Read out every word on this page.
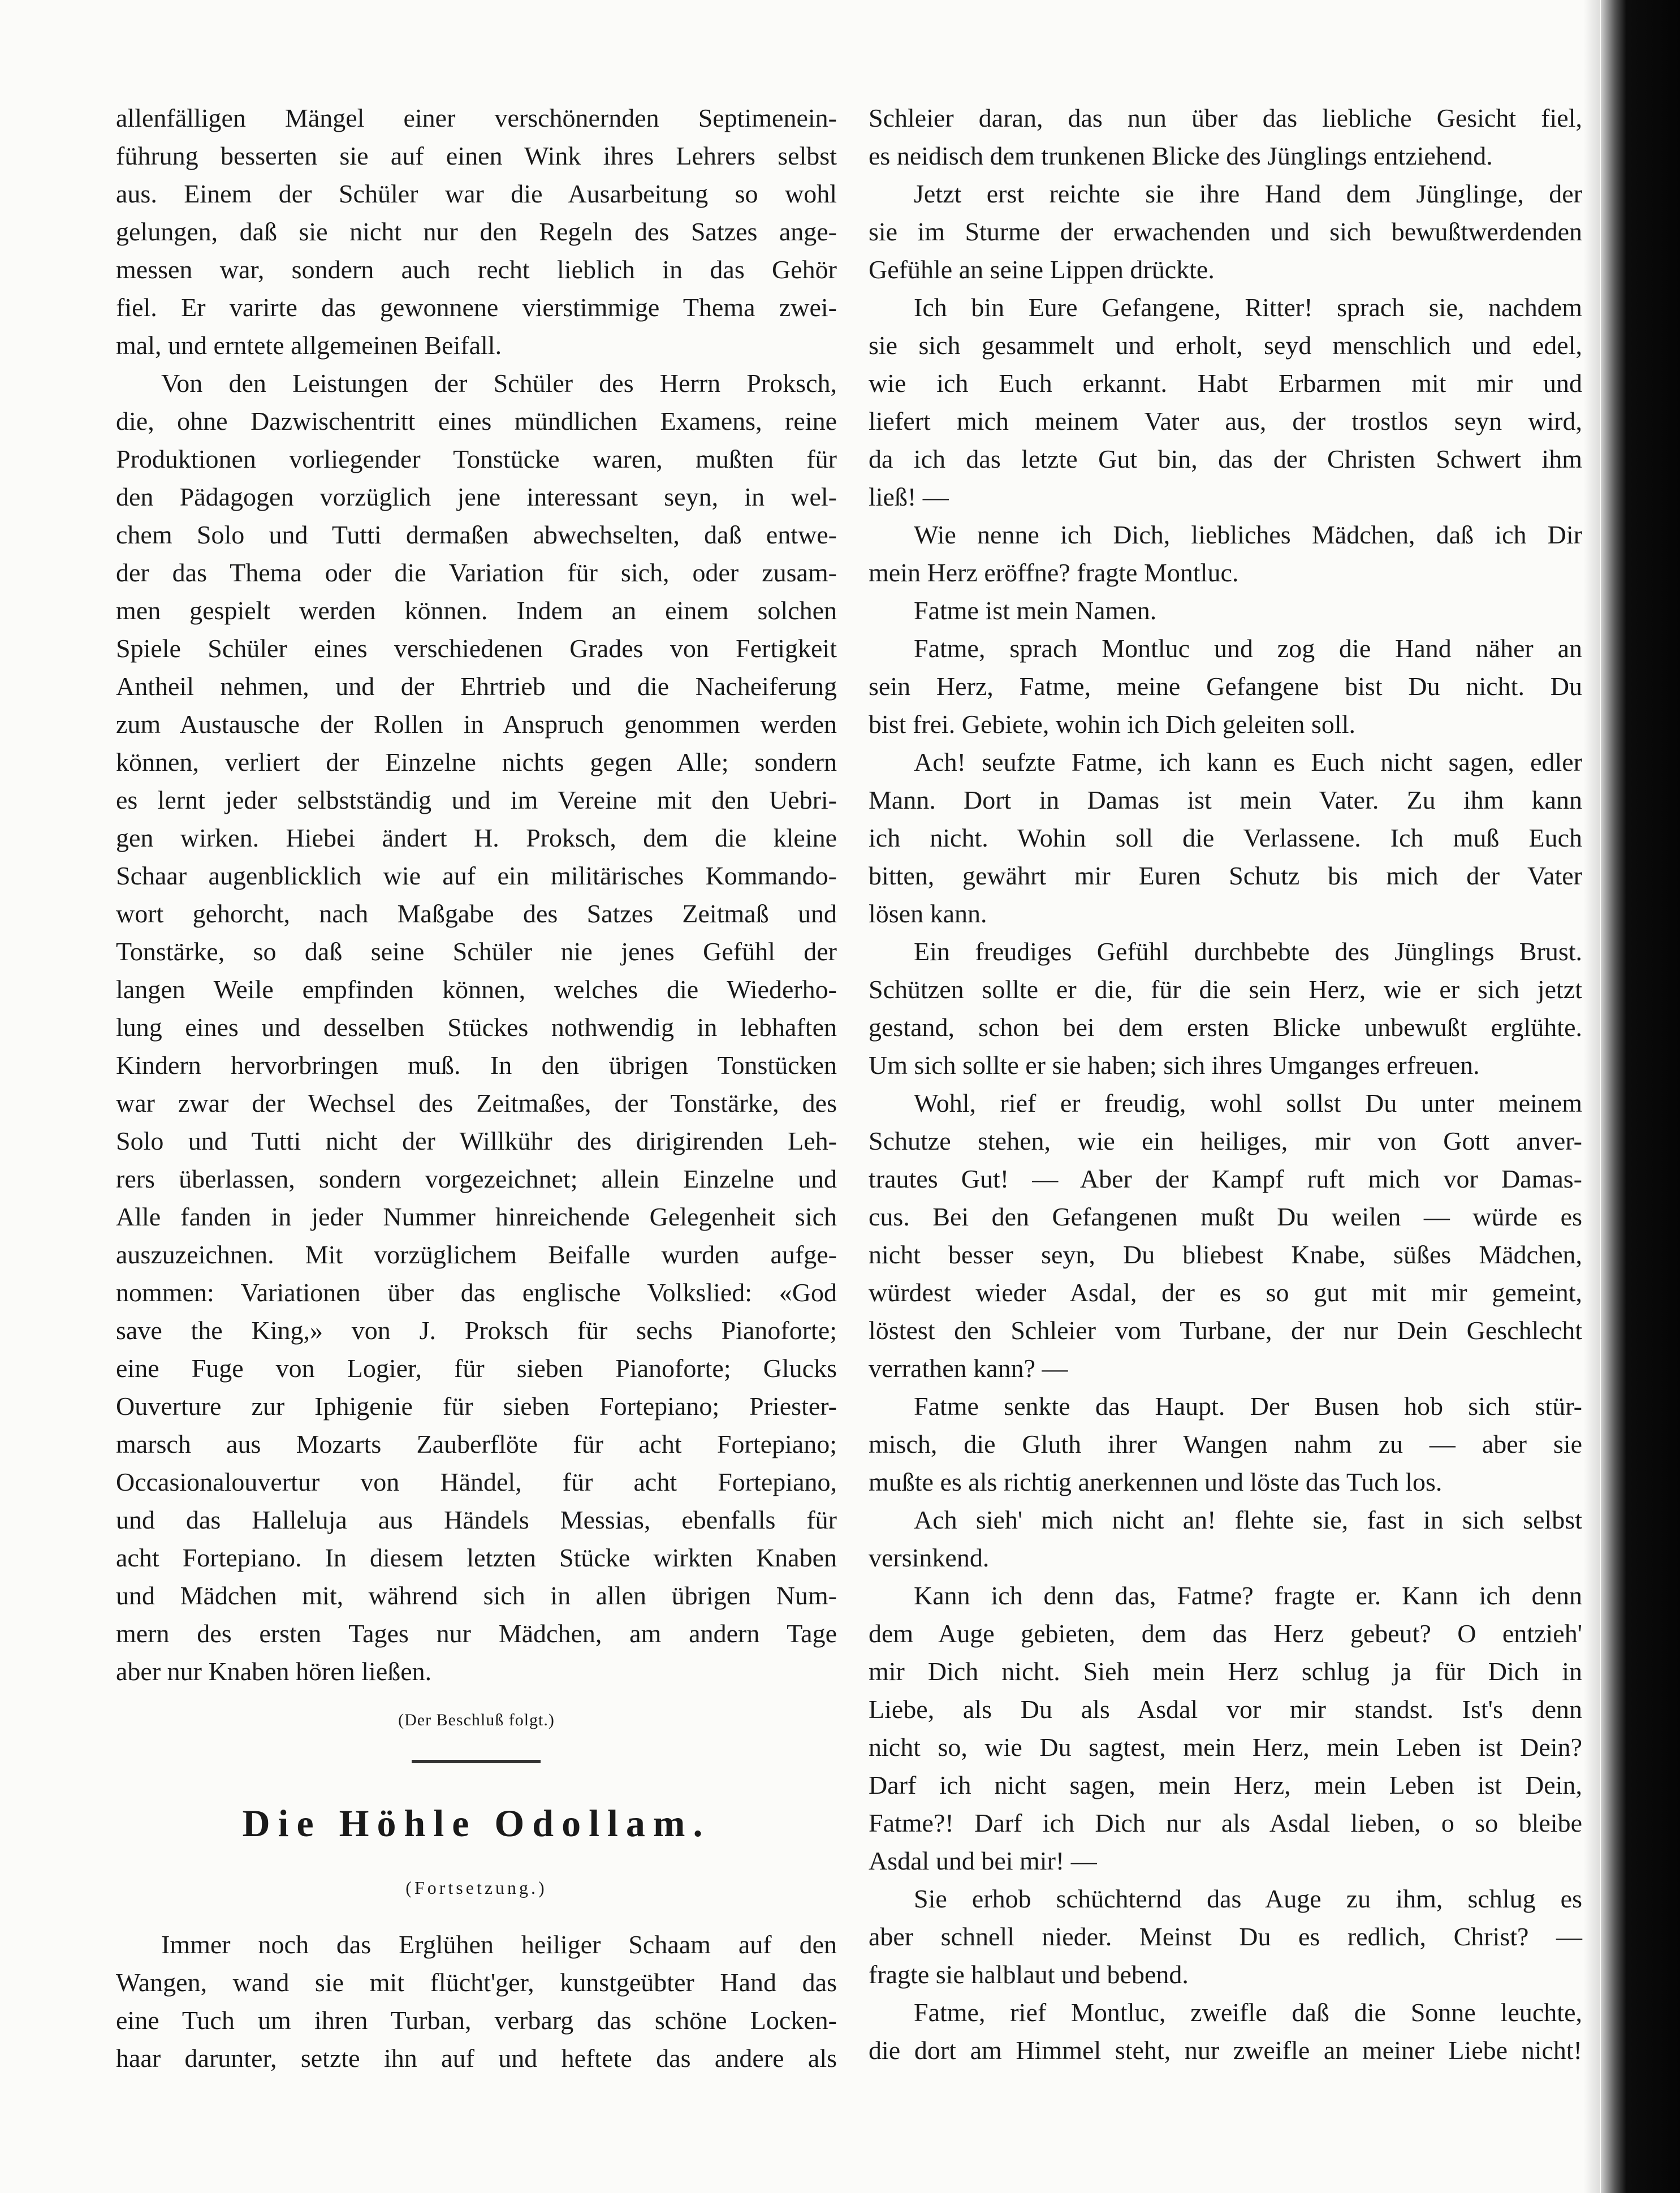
(Der Beschluß folgt.)
Die Höhle Odollam.
(Fortsetzung.)
allenfälligen Mängel einer verschönernden Septimenein-
führung besserten sie auf einen Wink ihres Lehrers selbst
aus. Einem der Schüler war die Ausarbeitung so wohl
gelungen, daß sie nicht nur den Regeln des Satzes ange-
messen war, sondern auch recht lieblich in das Gehör
fiel. Er varirte das gewonnene vierstimmige Thema zwei-
mal, und erntete allgemeinen Beifall.
Von den Leistungen der Schüler des Herrn Proksch,
die, ohne Dazwischentritt eines mündlichen Examens, reine
Produktionen vorliegender Tonstücke waren, mußten für
den Pädagogen vorzüglich jene interessant seyn, in wel-
chem Solo und Tutti dermaßen abwechselten, daß entwe-
der das Thema oder die Variation für sich, oder zusam-
men gespielt werden können. Indem an einem solchen
Spiele Schüler eines verschiedenen Grades von Fertigkeit
Antheil nehmen, und der Ehrtrieb und die Nacheiferung
zum Austausche der Rollen in Anspruch genommen werden
können, verliert der Einzelne nichts gegen Alle; sondern
es lernt jeder selbstständig und im Vereine mit den Uebri-
gen wirken. Hiebei ändert H. Proksch, dem die kleine
Schaar augenblicklich wie auf ein militärisches Kommando-
wort gehorcht, nach Maßgabe des Satzes Zeitmaß und
Tonstärke, so daß seine Schüler nie jenes Gefühl der
langen Weile empfinden können, welches die Wiederho-
lung eines und desselben Stückes nothwendig in lebhaften
Kindern hervorbringen muß. In den übrigen Tonstücken
war zwar der Wechsel des Zeitmaßes, der Tonstärke, des
Solo und Tutti nicht der Willkühr des dirigirenden Leh-
rers überlassen, sondern vorgezeichnet; allein Einzelne und
Alle fanden in jeder Nummer hinreichende Gelegenheit sich
auszuzeichnen. Mit vorzüglichem Beifalle wurden aufge-
nommen: Variationen über das englische Volkslied: «God
save the King,» von J. Proksch für sechs Pianoforte;
eine Fuge von Logier, für sieben Pianoforte; Glucks
Ouverture zur Iphigenie für sieben Fortepiano; Priester-
marsch aus Mozarts Zauberflöte für acht Fortepiano;
Occasionalouvertur von Händel, für acht Fortepiano,
und das Halleluja aus Händels Messias, ebenfalls für
acht Fortepiano. In diesem letzten Stücke wirkten Knaben
und Mädchen mit, während sich in allen übrigen Num-
mern des ersten Tages nur Mädchen, am andern Tage
aber nur Knaben hören ließen.
Immer noch das Erglühen heiliger Schaam auf den
Wangen, wand sie mit flücht'ger, kunstgeübter Hand das
eine Tuch um ihren Turban, verbarg das schöne Locken-
haar darunter, setzte ihn auf und heftete das andere als
Schleier daran, das nun über das liebliche Gesicht fiel,
es neidisch dem trunkenen Blicke des Jünglings entziehend.
Jetzt erst reichte sie ihre Hand dem Jünglinge, der
sie im Sturme der erwachenden und sich bewußtwerdenden
Gefühle an seine Lippen drückte.
Ich bin Eure Gefangene, Ritter! sprach sie, nachdem
sie sich gesammelt und erholt, seyd menschlich und edel,
wie ich Euch erkannt. Habt Erbarmen mit mir und
liefert mich meinem Vater aus, der trostlos seyn wird,
da ich das letzte Gut bin, das der Christen Schwert ihm
ließ! —
Wie nenne ich Dich, liebliches Mädchen, daß ich Dir
mein Herz eröffne? fragte Montluc.
Fatme ist mein Namen.
Fatme, sprach Montluc und zog die Hand näher an
sein Herz, Fatme, meine Gefangene bist Du nicht. Du
bist frei. Gebiete, wohin ich Dich geleiten soll.
Ach! seufzte Fatme, ich kann es Euch nicht sagen, edler
Mann. Dort in Damas ist mein Vater. Zu ihm kann
ich nicht. Wohin soll die Verlassene. Ich muß Euch
bitten, gewährt mir Euren Schutz bis mich der Vater
lösen kann.
Ein freudiges Gefühl durchbebte des Jünglings Brust.
Schützen sollte er die, für die sein Herz, wie er sich jetzt
gestand, schon bei dem ersten Blicke unbewußt erglühte.
Um sich sollte er sie haben; sich ihres Umganges erfreuen.
Wohl, rief er freudig, wohl sollst Du unter meinem
Schutze stehen, wie ein heiliges, mir von Gott anver-
trautes Gut! — Aber der Kampf ruft mich vor Damas-
cus. Bei den Gefangenen mußt Du weilen — würde es
nicht besser seyn, Du bliebest Knabe, süßes Mädchen,
würdest wieder Asdal, der es so gut mit mir gemeint,
löstest den Schleier vom Turbane, der nur Dein Geschlecht
verrathen kann? —
Fatme senkte das Haupt. Der Busen hob sich stür-
misch, die Gluth ihrer Wangen nahm zu — aber sie
mußte es als richtig anerkennen und löste das Tuch los.
Ach sieh' mich nicht an! flehte sie, fast in sich selbst
versinkend.
Kann ich denn das, Fatme? fragte er. Kann ich denn
dem Auge gebieten, dem das Herz gebeut? O entzieh'
mir Dich nicht. Sieh mein Herz schlug ja für Dich in
Liebe, als Du als Asdal vor mir standst. Ist's denn
nicht so, wie Du sagtest, mein Herz, mein Leben ist Dein?
Darf ich nicht sagen, mein Herz, mein Leben ist Dein,
Fatme?! Darf ich Dich nur als Asdal lieben, o so bleibe
Asdal und bei mir! —
Sie erhob schüchternd das Auge zu ihm, schlug es
aber schnell nieder. Meinst Du es redlich, Christ? —
fragte sie halblaut und bebend.
Fatme, rief Montluc, zweifle daß die Sonne leuchte,
die dort am Himmel steht, nur zweifle an meiner Liebe nicht!
